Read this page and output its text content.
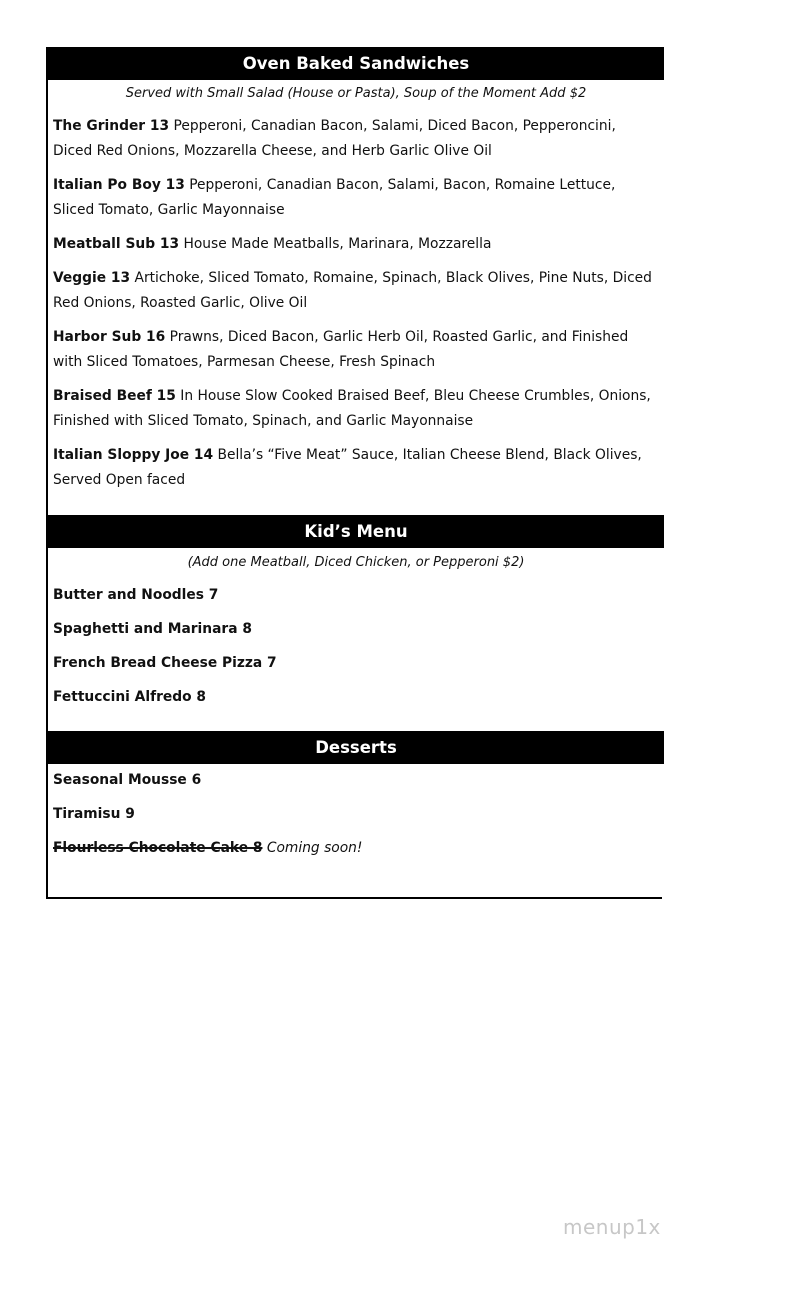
Oven Baked Sandwiches
Served with Small Salad (House or Pasta), Soup of the Moment Add $2
The Grinder 13 Pepperoni, Canadian Bacon, Salami, Diced Bacon, Pepperoncini, Diced Red Onions, Mozzarella Cheese, and Herb Garlic Olive Oil
Italian Po Boy 13 Pepperoni, Canadian Bacon, Salami, Bacon, Romaine Lettuce, Sliced Tomato, Garlic Mayonnaise
Meatball Sub 13 House Made Meatballs, Marinara, Mozzarella
Veggie 13 Artichoke, Sliced Tomato, Romaine, Spinach, Black Olives, Pine Nuts, Diced Red Onions, Roasted Garlic, Olive Oil
Harbor Sub 16 Prawns, Diced Bacon, Garlic Herb Oil, Roasted Garlic, and Finished with Sliced Tomatoes, Parmesan Cheese, Fresh Spinach
Braised Beef 15 In House Slow Cooked Braised Beef, Bleu Cheese Crumbles, Onions, Finished with Sliced Tomato, Spinach, and Garlic Mayonnaise
Italian Sloppy Joe 14 Bella’s “Five Meat” Sauce, Italian Cheese Blend, Black Olives, Served Open faced
Kid’s Menu
(Add one Meatball, Diced Chicken, or Pepperoni $2)
Butter and Noodles 7
Spaghetti and Marinara 8
French Bread Cheese Pizza 7
Fettuccini Alfredo 8
Desserts
Seasonal Mousse 6
Tiramisu 9
Flourless Chocolate Cake 8 Coming soon!
menup1x
